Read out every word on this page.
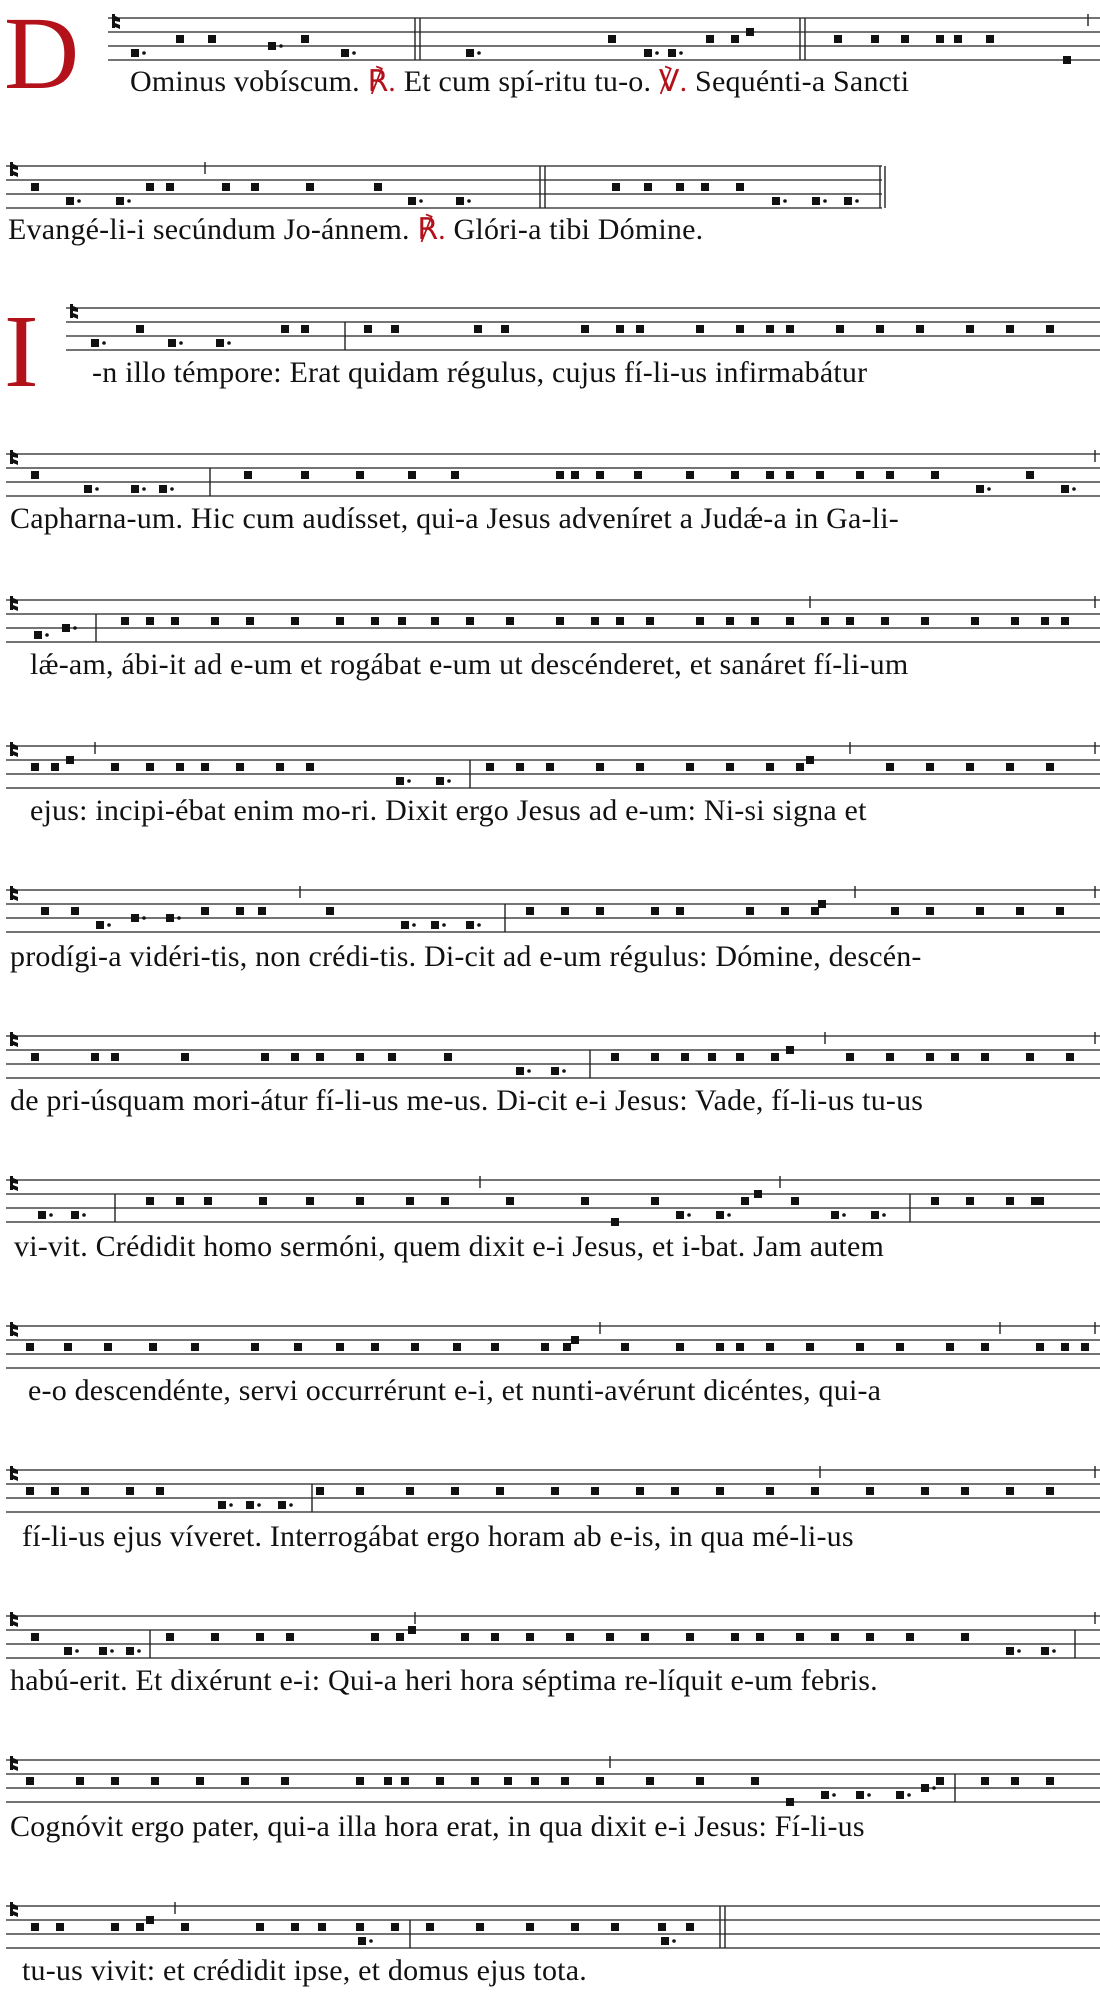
D
I
Ominus vobíscum. ℟. Et cum spí-ritu tu-o. ℣. Sequénti-a Sancti
Evangé-li-i secúndum Jo-ánnem. ℟. Glóri-a tibi Dómine.
-n illo témpore: Erat quidam régulus, cujus fí-li-us infirmabátur
Capharna-um. Hic cum audísset, qui-a Jesus adveníret a Judǽ-a in Ga-li-
lǽ-am, ábi-it ad e-um et rogábat e-um ut descénderet, et sanáret fí-li-um
ejus: incipi-ébat enim mo-ri. Dixit ergo Jesus ad e-um: Ni-si signa et
prodígi-a vidéri-tis, non crédi-tis. Di-cit ad e-um régulus: Dómine, descén-
de pri-úsquam mori-átur fí-li-us me-us. Di-cit e-i Jesus: Vade, fí-li-us tu-us
vi-vit. Crédidit homo sermóni, quem dixit e-i Jesus, et i-bat. Jam autem
e-o descendénte, servi occurrérunt e-i, et nunti-avérunt dicéntes, qui-a
fí-li-us ejus víveret. Interrogábat ergo horam ab e-is, in qua mé-li-us
habú-erit. Et dixérunt e-i: Qui-a heri hora séptima re-líquit e-um febris.
Cognóvit ergo pater, qui-a illa hora erat, in qua dixit e-i Jesus: Fí-li-us
tu-us vivit: et crédidit ipse, et domus ejus tota.
